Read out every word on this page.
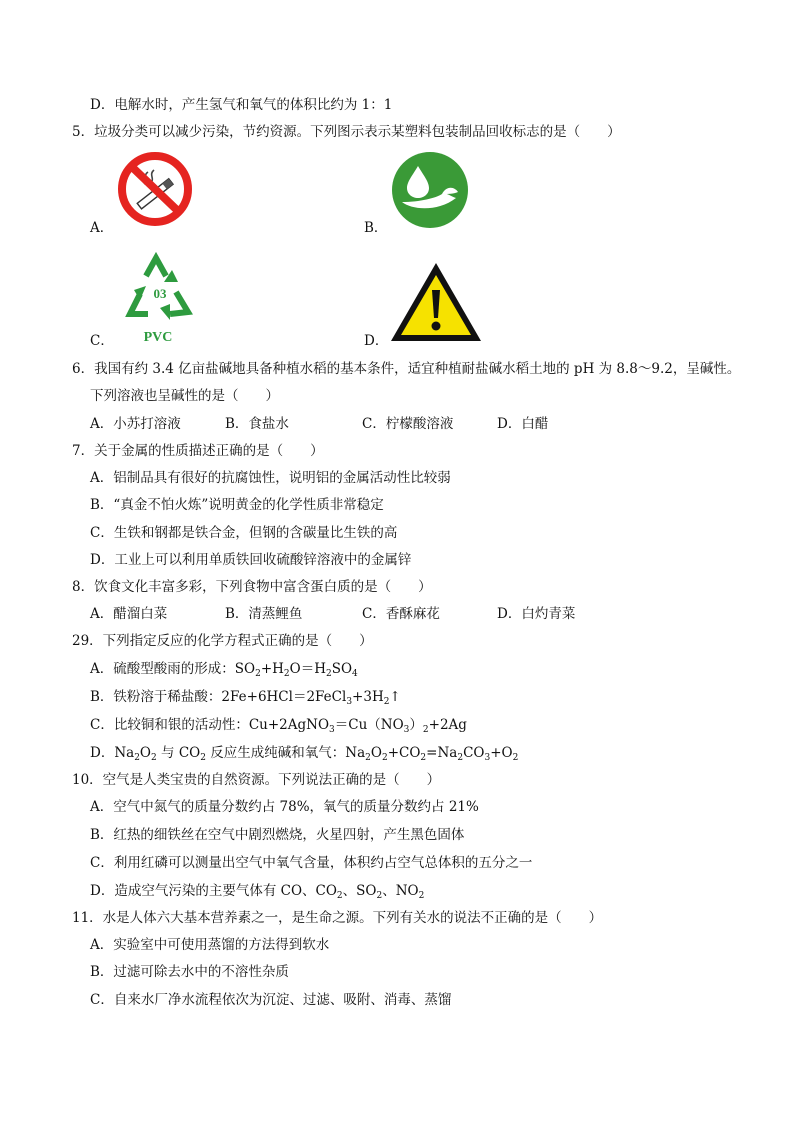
D．电解水时，产生氢气和氧气的体积比约为 1：1
5．垃圾分类可以减少污染，节约资源。下列图示表示某塑料包装制品回收标志的是（　　）
A．	B．
03
PVC
C．	D．
6．我国有约 3.4 亿亩盐碱地具备种植水稻的基本条件，适宜种植耐盐碱水稻土地的 pH 为 8.8～9.2，呈碱性。
下列溶液也呈碱性的是（　　）
A．小苏打溶液	B．食盐水	C．柠檬酸溶液	D．白醋
7．关于金属的性质描述正确的是（　　）
A．铝制品具有很好的抗腐蚀性，说明铝的金属活动性比较弱
B．“真金不怕火炼”说明黄金的化学性质非常稳定
C．生铁和钢都是铁合金，但钢的含碳量比生铁的高
D．工业上可以利用单质铁回收硫酸锌溶液中的金属锌
8．饮食文化丰富多彩，下列食物中富含蛋白质的是（　　）
A．醋溜白菜	B．清蒸鲤鱼	C．香酥麻花	D．白灼青菜
29．下列指定反应的化学方程式正确的是（　　）
A．硫酸型酸雨的形成：$SO_2+H_2O=H_2SO_4$
B．铁粉溶于稀盐酸：$2Fe+6HCl=2FeCl_3+3H_2↑$
C．比较铜和银的活动性：$Cu+2AgNO_3=Cu(NO_3)_2+2Ag$
D．$Na_2O_2$ 与 $CO_2$ 反应生成纯碱和氧气：$Na_2O_2+CO_2=Na_2CO_3+O_2$
10．空气是人类宝贵的自然资源。下列说法正确的是（　　）
A．空气中氮气的质量分数约占 78%，氧气的质量分数约占 21%
B．红热的细铁丝在空气中剧烈燃烧，火星四射，产生黑色固体
C．利用红磷可以测量出空气中氧气含量，体积约占空气总体积的五分之一
D．造成空气污染的主要气体有 CO、$CO_2$、$SO_2$、$NO_2$
11．水是人体六大基本营养素之一，是生命之源。下列有关水的说法不正确的是（　　）
A．实验室中可使用蒸馏的方法得到软水
B．过滤可除去水中的不溶性杂质
C．自来水厂净水流程依次为沉淀、过滤、吸附、消毒、蒸馏
